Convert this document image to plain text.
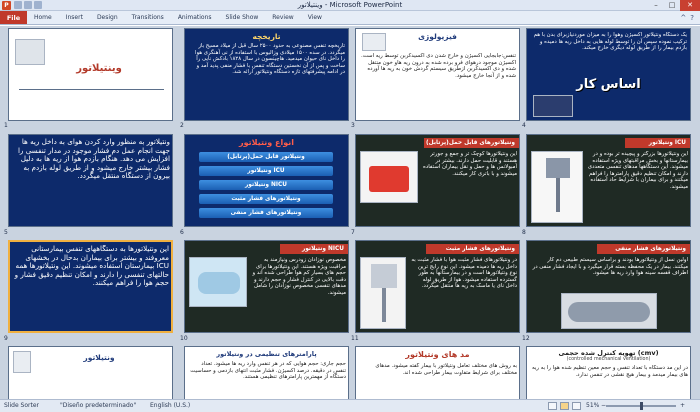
P	وینتیلاتور - Microsoft PowerPoint	–	□	✕
File	Home	Insert	Design	Transitions	Animations	Slide Show	Review	View	^ ?
وینتیلاتور
1
تاریخچه
تاریخچه تنفس مصنوعی به حدود ۲۵۰۰ سال قبل از میلاد مسیح باز میگردد. در سده ۱۵۰۰ میلادی وزالیوس با استفاده از نی آهنگری هوا را داخل نای حیوان میدمید. هاچینسون در سال ۱۸۲۸ بادکش نایی را ساخت و پس از آن نخستین دستگاه تنفس با فشار منفی پدید آمد و در ادامه پیشرفتهای تازه دستگاه ونتیلاتور ارائه شد.
2
فیزیولوژی
تنفس:جابجایی اکسیژن و خارج شدن دی اکسیدکربن توسط ریه است. اکسیژن موجود درهوای فرو برده شده به درون ریه هاو خون منتقل شده و دی اکسیدکربن ازطریق سیستم گردش خون به ریه ها آورده شده و از آنجا خارج میشود.
3
یک دستگاه ونتیلاتور اکسیژن وهوا را به میزان موردنیازبرای بدن با هم ترکیب نموده سپس آن را توسط لوله هایی به داخل ریه ها دمیده و بازدم بیمار را از طریق لوله دیگری خارج میکند.
اساس کار
4
ونتیلاتور به منظور وارد کردن هوای به داخل ریه ها جهت انجام عمل دم فشار موجود در مدار تنفسی را افزایش می دهد. هنگام بازدم هوا از ریه ها به دلیل فشار بیشتر خارج میشود و از طریق لوله بازدم به بیرون از دستگاه منتقل میگردد.
5
انواع ونتیلاتور
ونتیلاتور قابل حمل(پرتابل)
ونتیلاتور ICU
ونتیلاتور NICU
ونتیلاتورهای فشار مثبت
ونتیلاتورهای فشار منفی
6
ونتیلاتورهای قابل حمل(پرتابل)
این ونتیلاتورها کوچک تر و جمع و جورتر هستند و قابلیت حمل دارند. بیشتر در آمبولانس ها و حمل و نقل بیماران استفاده میشوند و با باتری کار میکنند.
7
ونتیلاتور ICU
این ونتیلاتورها بزرگتر و پیچیده تر بوده و در بیمارستانها و بخش مراقبتهای ویژه استفاده میشوند. این دستگاهها مدهای تنفسی متعددی دارند و امکان تنظیم دقیق پارامترها را فراهم میکنند و برای بیماران با شرایط حاد استفاده میشوند.
8
این ونتیلاتورها به دستگاههای تنفس بیمارستانی معروفند و بیشتر برای بیماران بدحال در بخشهای ICU بیمارستان استفاده میشوند. این ونتیلاتورها همه حالتهای تنفسی را دارند و امکان تنظیم دقیق فشار و حجم هوا را فراهم میکنند.
9
ونتیلاتور NICU
مخصوص نوزادان زودرس ونیازمند به مراقبت ویژه هستند. این ونتیلاتورها برای حجم های بسیار کم هوا طراحی شده اند و دقت بالایی در کنترل فشار و حجم دارند و مدهای تنفسی مخصوص نوزادان را شامل میشوند.
10
ونتیلاتورهای فشار مثبت
در ونتیلاتورهای فشار مثبت هوا با فشار مثبت به داخل ریه ها دمیده میشود. این نوع رایج ترین نوع ونتیلاتورها است و در بیمارستانها به طور گسترده استفاده میشود. هوا از طریق لوله داخل نای یا ماسک به ریه ها منتقل میگردد.
11
ونتیلاتورهای فشار منفی
اولین نسل از ونتیلاتورها بودند و براساس سیستم طبیعی دم کار میکنند. بیمار در یک محفظه بسته قرار میگیرد و با ایجاد فشار منفی در اطراف قفسه سینه هوا وارد ریه ها میشود.
12
ونتیلاتور	پارامترهای تنظیمی در ونتیلاتور
حجم جاری: حجم هوایی که در هر تنفس وارد ریه ها میشود. تعداد تنفس در دقیقه. درصد اکسیژن. فشار مثبت انتهای بازدمی و حساسیت دستگاه از مهمترین پارامترهای تنظیمی هستند.
مد های ونتیلاتور
به روش های مختلف تعامل ونتیلاتور با بیمار گفته میشود. مدهای مختلف برای شرایط متفاوت بیمار طراحی شده اند.
تهویه کنترل شده حجمی (cmv)
(controlled mechanical ventilation)
در این مد دستگاه با تعداد تنفس و حجم معین تنظیم شده هوا را به ریه های بیمار میدمد و بیمار هیچ نقشی در تنفس ندارد.
Slide Sorter	"Diseño predeterminado" English (U.S.)	51% −	+
